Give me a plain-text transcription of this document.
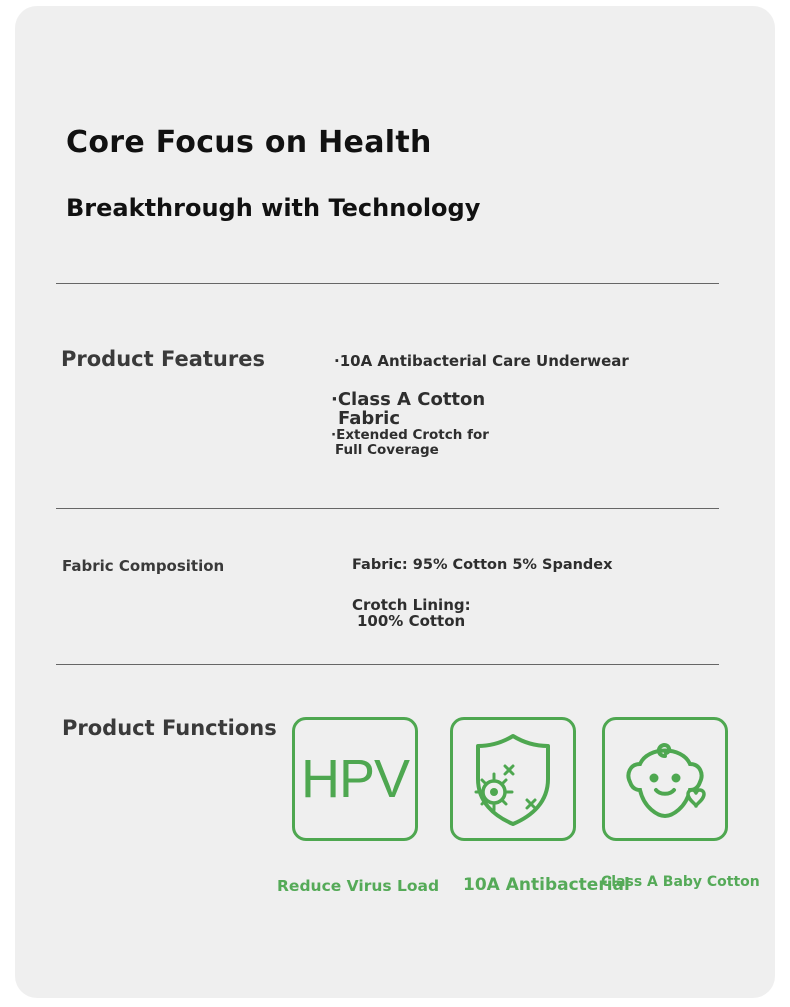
Core Focus on Health
Breakthrough with Technology
Product Features	·10A Antibacterial Care Underwear
·Class A Cotton
Fabric
·Extended Crotch for
Full Coverage
Fabric Composition	Fabric: 95% Cotton 5% Spandex
Crotch Lining:
100% Cotton
Product Functions
HPV
Reduce Virus Load 10A Antibacterial
Class A Baby Cotton
